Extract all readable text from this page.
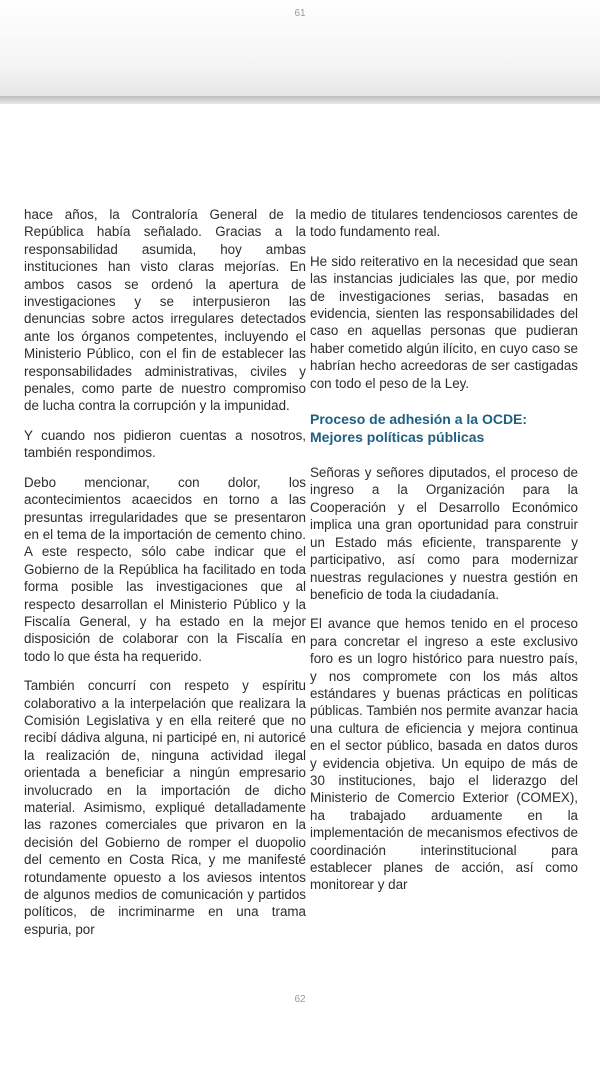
61

hace años, la Contraloría General de la República había señalado. Gracias a la responsabilidad asumida, hoy ambas instituciones han visto claras mejorías. En ambos casos se ordenó la apertura de investigaciones y se interpusieron las denuncias sobre actos irregulares detectados ante los órganos competentes, incluyendo el Ministerio Público, con el fin de establecer las responsabilidades administrativas, civiles y penales, como parte de nuestro compromiso de lucha contra la corrupción y la impunidad.

Y cuando nos pidieron cuentas a nosotros, también respondimos.

Debo mencionar, con dolor, los acontecimientos acaecidos en torno a las presuntas irregularidades que se presentaron en el tema de la importación de cemento chino. A este respecto, sólo cabe indicar que el Gobierno de la República ha facilitado en toda forma posible las investigaciones que al respecto desarrollan el Ministerio Público y la Fiscalía General, y ha estado en la mejor disposición de colaborar con la Fiscalía en todo lo que ésta ha requerido.

También concurrí con respeto y espíritu colaborativo a la interpelación que realizara la Comisión Legislativa y en ella reiteré que no recibí dádiva alguna, ni participé en, ni autoricé la realización de, ninguna actividad ilegal orientada a beneficiar a ningún empresario involucrado en la importación de dicho material. Asimismo, expliqué detalladamente las razones comerciales que privaron en la decisión del Gobierno de romper el duopolio del cemento en Costa Rica, y me manifesté rotundamente opuesto a los aviesos intentos de algunos medios de comunicación y partidos políticos, de incriminarme en una trama espuria, por

medio de titulares tendenciosos carentes de todo fundamento real.

He sido reiterativo en la necesidad que sean las instancias judiciales las que, por medio de investigaciones serias, basadas en evidencia, sienten las responsabilidades del caso en aquellas personas que pudieran haber cometido algún ilícito, en cuyo caso se habrían hecho acreedoras de ser castigadas con todo el peso de la Ley.

Proceso de adhesión a la OCDE: Mejores políticas públicas

Señoras y señores diputados, el proceso de ingreso a la Organización para la Cooperación y el Desarrollo Económico implica una gran oportunidad para construir un Estado más eficiente, transparente y participativo, así como para modernizar nuestras regulaciones y nuestra gestión en beneficio de toda la ciudadanía.

El avance que hemos tenido en el proceso para concretar el ingreso a este exclusivo foro es un logro histórico para nuestro país, y nos compromete con los más altos estándares y buenas prácticas en políticas públicas. También nos permite avanzar hacia una cultura de eficiencia y mejora continua en el sector público, basada en datos duros y evidencia objetiva. Un equipo de más de 30 instituciones, bajo el liderazgo del Ministerio de Comercio Exterior (COMEX), ha trabajado arduamente en la implementación de mecanismos efectivos de coordinación interinstitucional para establecer planes de acción, así como monitorear y dar

62
